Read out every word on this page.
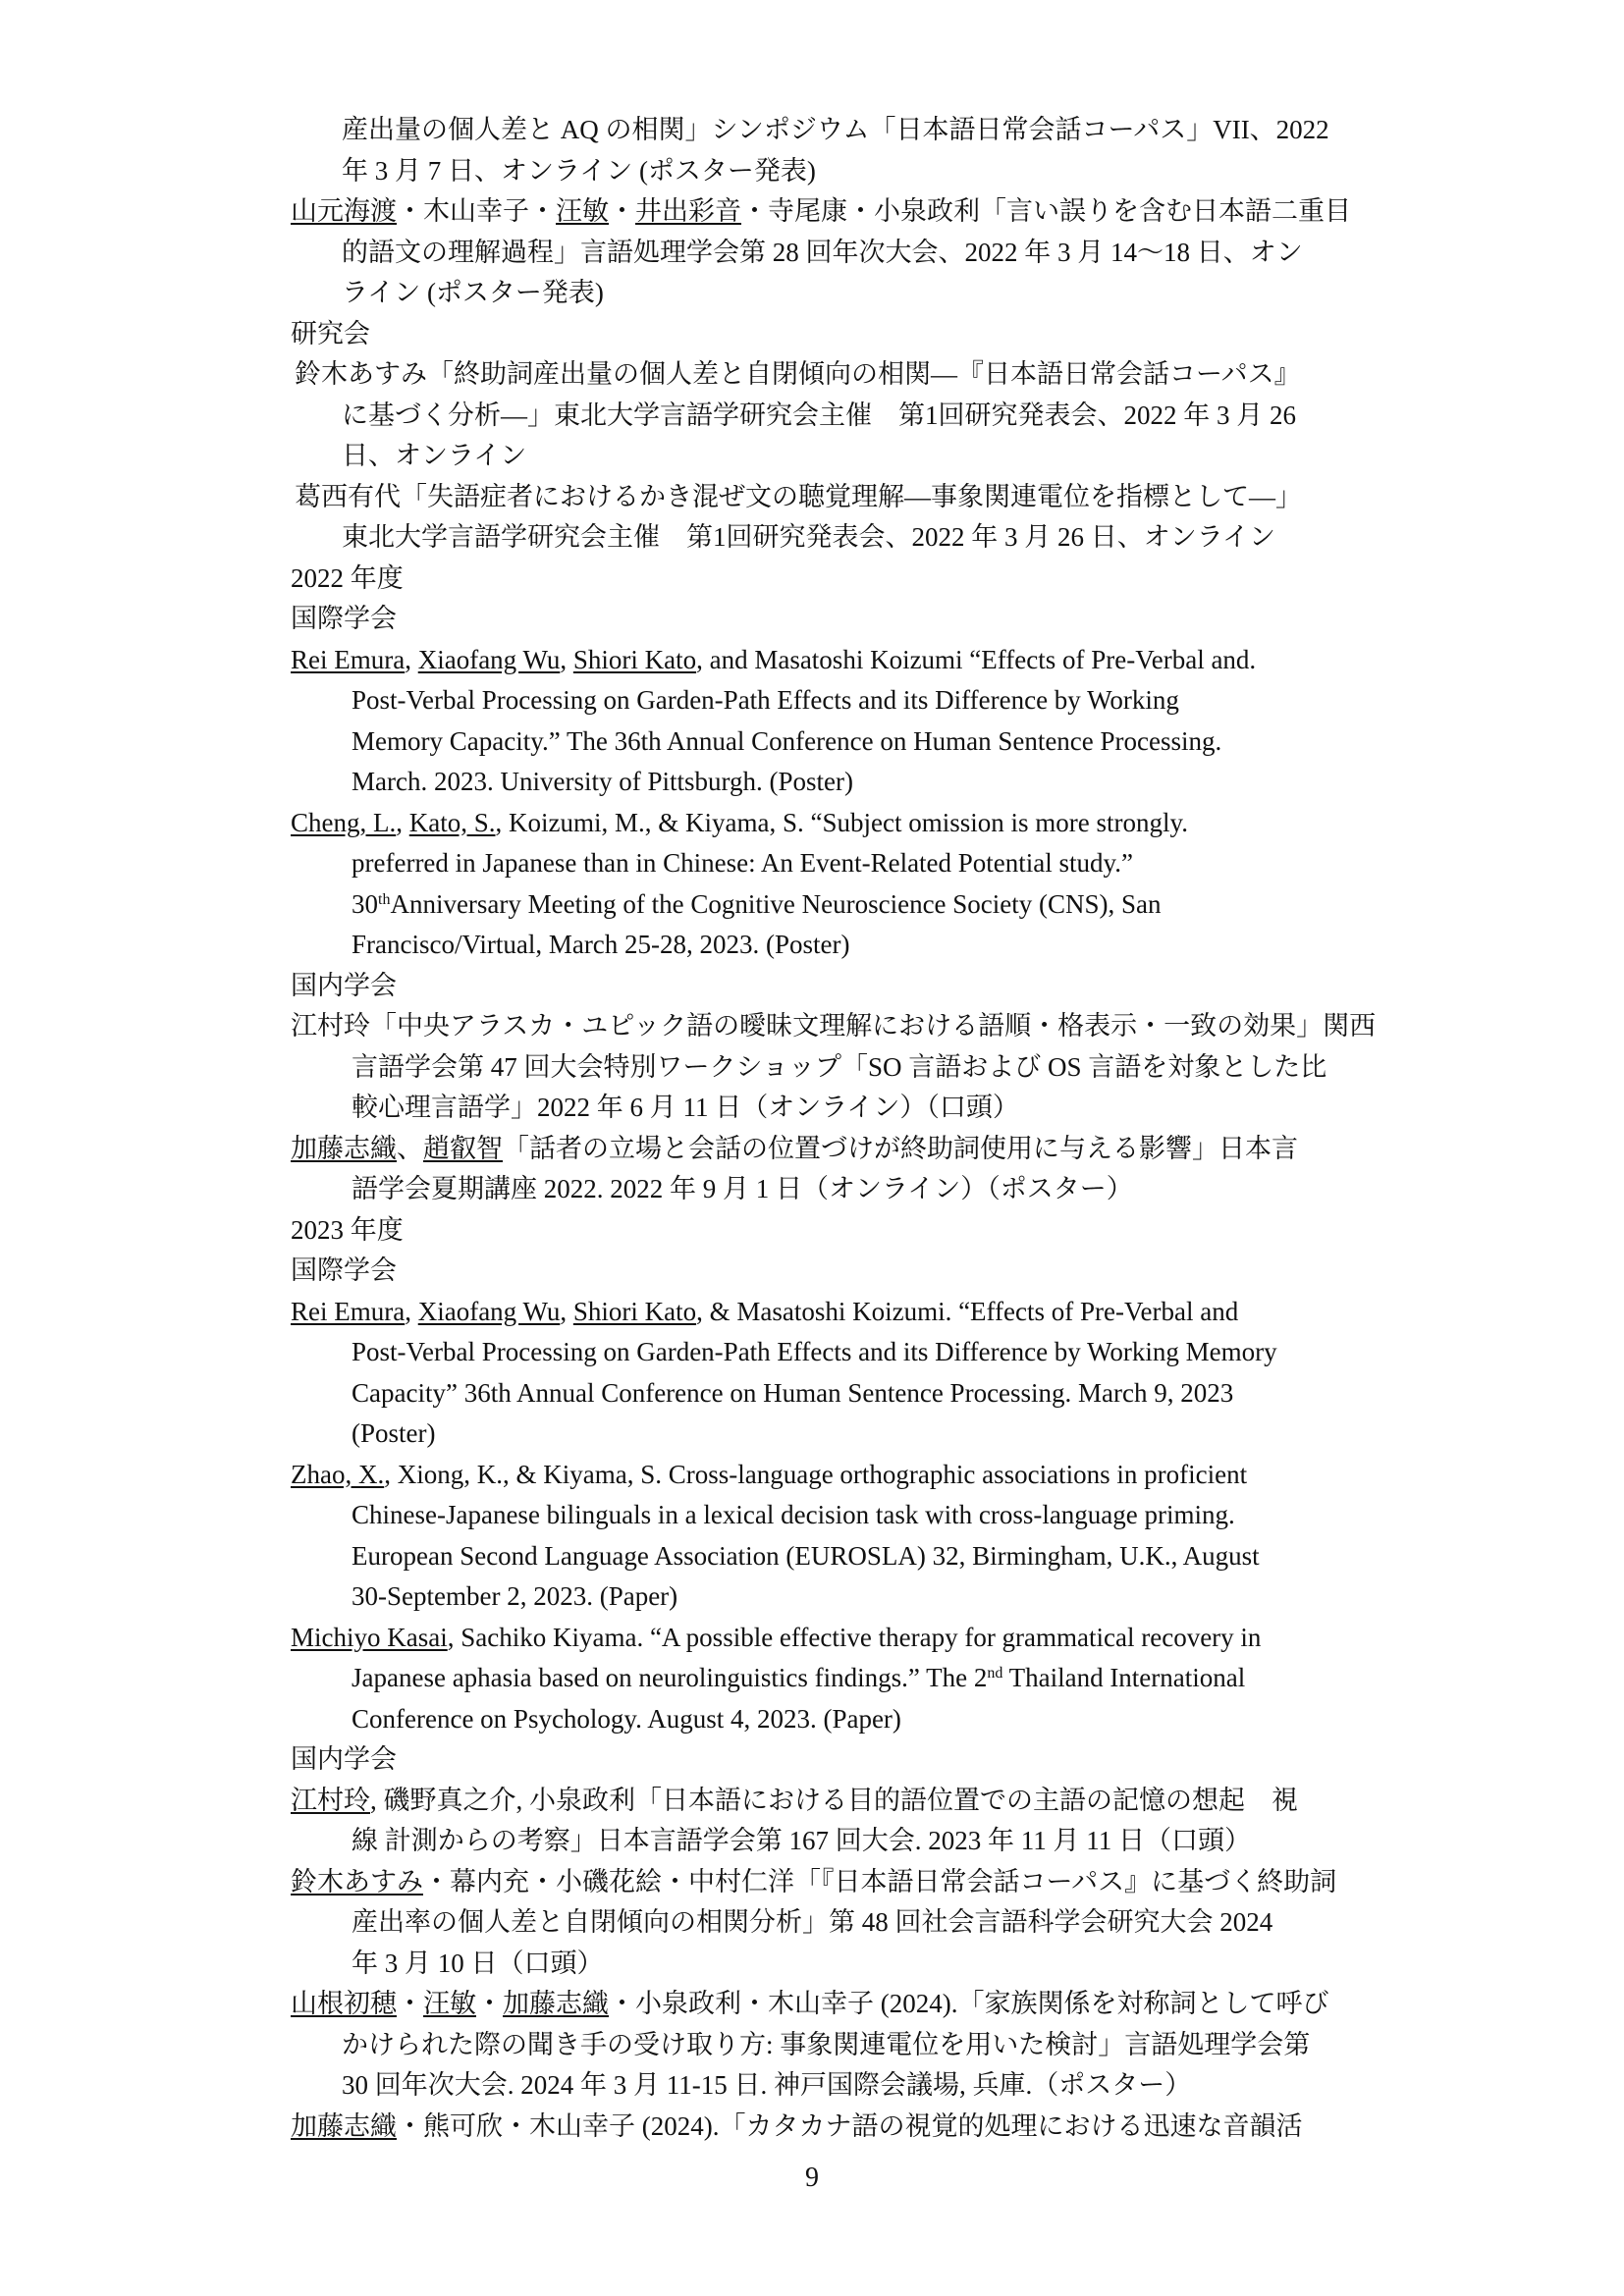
産出量の個人差と AQ の相関」シンポジウム「日本語日常会話コーパス」VII、2022
年 3 月 7 日、オンライン (ポスター発表)
山元海渡・木山幸子・汪敏・井出彩音・寺尾康・小泉政利「言い誤りを含む日本語二重目
的語文の理解過程」言語処理学会第 28 回年次大会、2022 年 3 月 14〜18 日、オン
ライン (ポスター発表)
研究会
鈴木あすみ「終助詞産出量の個人差と自閉傾向の相関—『日本語日常会話コーパス』
に基づく分析—」東北大学言語学研究会主催　第1回研究発表会、2022 年 3 月 26
日、オンライン
葛西有代「失語症者におけるかき混ぜ文の聴覚理解—事象関連電位を指標として—」
東北大学言語学研究会主催　第1回研究発表会、2022 年 3 月 26 日、オンライン
2022 年度
国際学会
Rei Emura, Xiaofang Wu, Shiori Kato, and Masatoshi Koizumi “Effects of Pre-Verbal and.
Post-Verbal Processing on Garden-Path Effects and its Difference by Working
Memory Capacity.” The 36th Annual Conference on Human Sentence Processing.
March. 2023. University of Pittsburgh. (Poster)
Cheng, L., Kato, S., Koizumi, M., & Kiyama, S. “Subject omission is more strongly.
preferred in Japanese than in Chinese: An Event-Related Potential study.”
30thAnniversary Meeting of the Cognitive Neuroscience Society (CNS), San
Francisco/Virtual, March 25-28, 2023. (Poster)
国内学会
江村玲「中央アラスカ・ユピック語の曖昧文理解における語順・格表示・一致の効果」関西
言語学会第 47 回大会特別ワークショップ「SO 言語および OS 言語を対象とした比
較心理言語学」2022 年 6 月 11 日（オンライン）（口頭）
加藤志織、趙叡智「話者の立場と会話の位置づけが終助詞使用に与える影響」日本言
語学会夏期講座 2022. 2022 年 9 月 1 日（オンライン）（ポスター）
2023 年度
国際学会
Rei Emura, Xiaofang Wu, Shiori Kato, & Masatoshi Koizumi. “Effects of Pre-Verbal and
Post-Verbal Processing on Garden-Path Effects and its Difference by Working Memory
Capacity” 36th Annual Conference on Human Sentence Processing. March 9, 2023
(Poster)
Zhao, X., Xiong, K., & Kiyama, S. Cross-language orthographic associations in proficient
Chinese-Japanese bilinguals in a lexical decision task with cross-language priming.
European Second Language Association (EUROSLA) 32, Birmingham, U.K., August
30-September 2, 2023. (Paper)
Michiyo Kasai, Sachiko Kiyama. “A possible effective therapy for grammatical recovery in
Japanese aphasia based on neurolinguistics findings.” The 2nd Thailand International
Conference on Psychology. August 4, 2023. (Paper)
国内学会
江村玲, 磯野真之介, 小泉政利「日本語における目的語位置での主語の記憶の想起　視
線 計測からの考察」日本言語学会第 167 回大会. 2023 年 11 月 11 日（口頭）
鈴木あすみ・幕内充・小磯花絵・中村仁洋「『日本語日常会話コーパス』に基づく終助詞
産出率の個人差と自閉傾向の相関分析」第 48 回社会言語科学会研究大会 2024
年 3 月 10 日（口頭）
山根初穂・汪敏・加藤志織・小泉政利・木山幸子 (2024).「家族関係を対称詞として呼び
かけられた際の聞き手の受け取り方: 事象関連電位を用いた検討」言語処理学会第
30 回年次大会. 2024 年 3 月 11-15 日. 神戸国際会議場, 兵庫.（ポスター）
加藤志織・熊可欣・木山幸子 (2024).「カタカナ語の視覚的処理における迅速な音韻活
9
